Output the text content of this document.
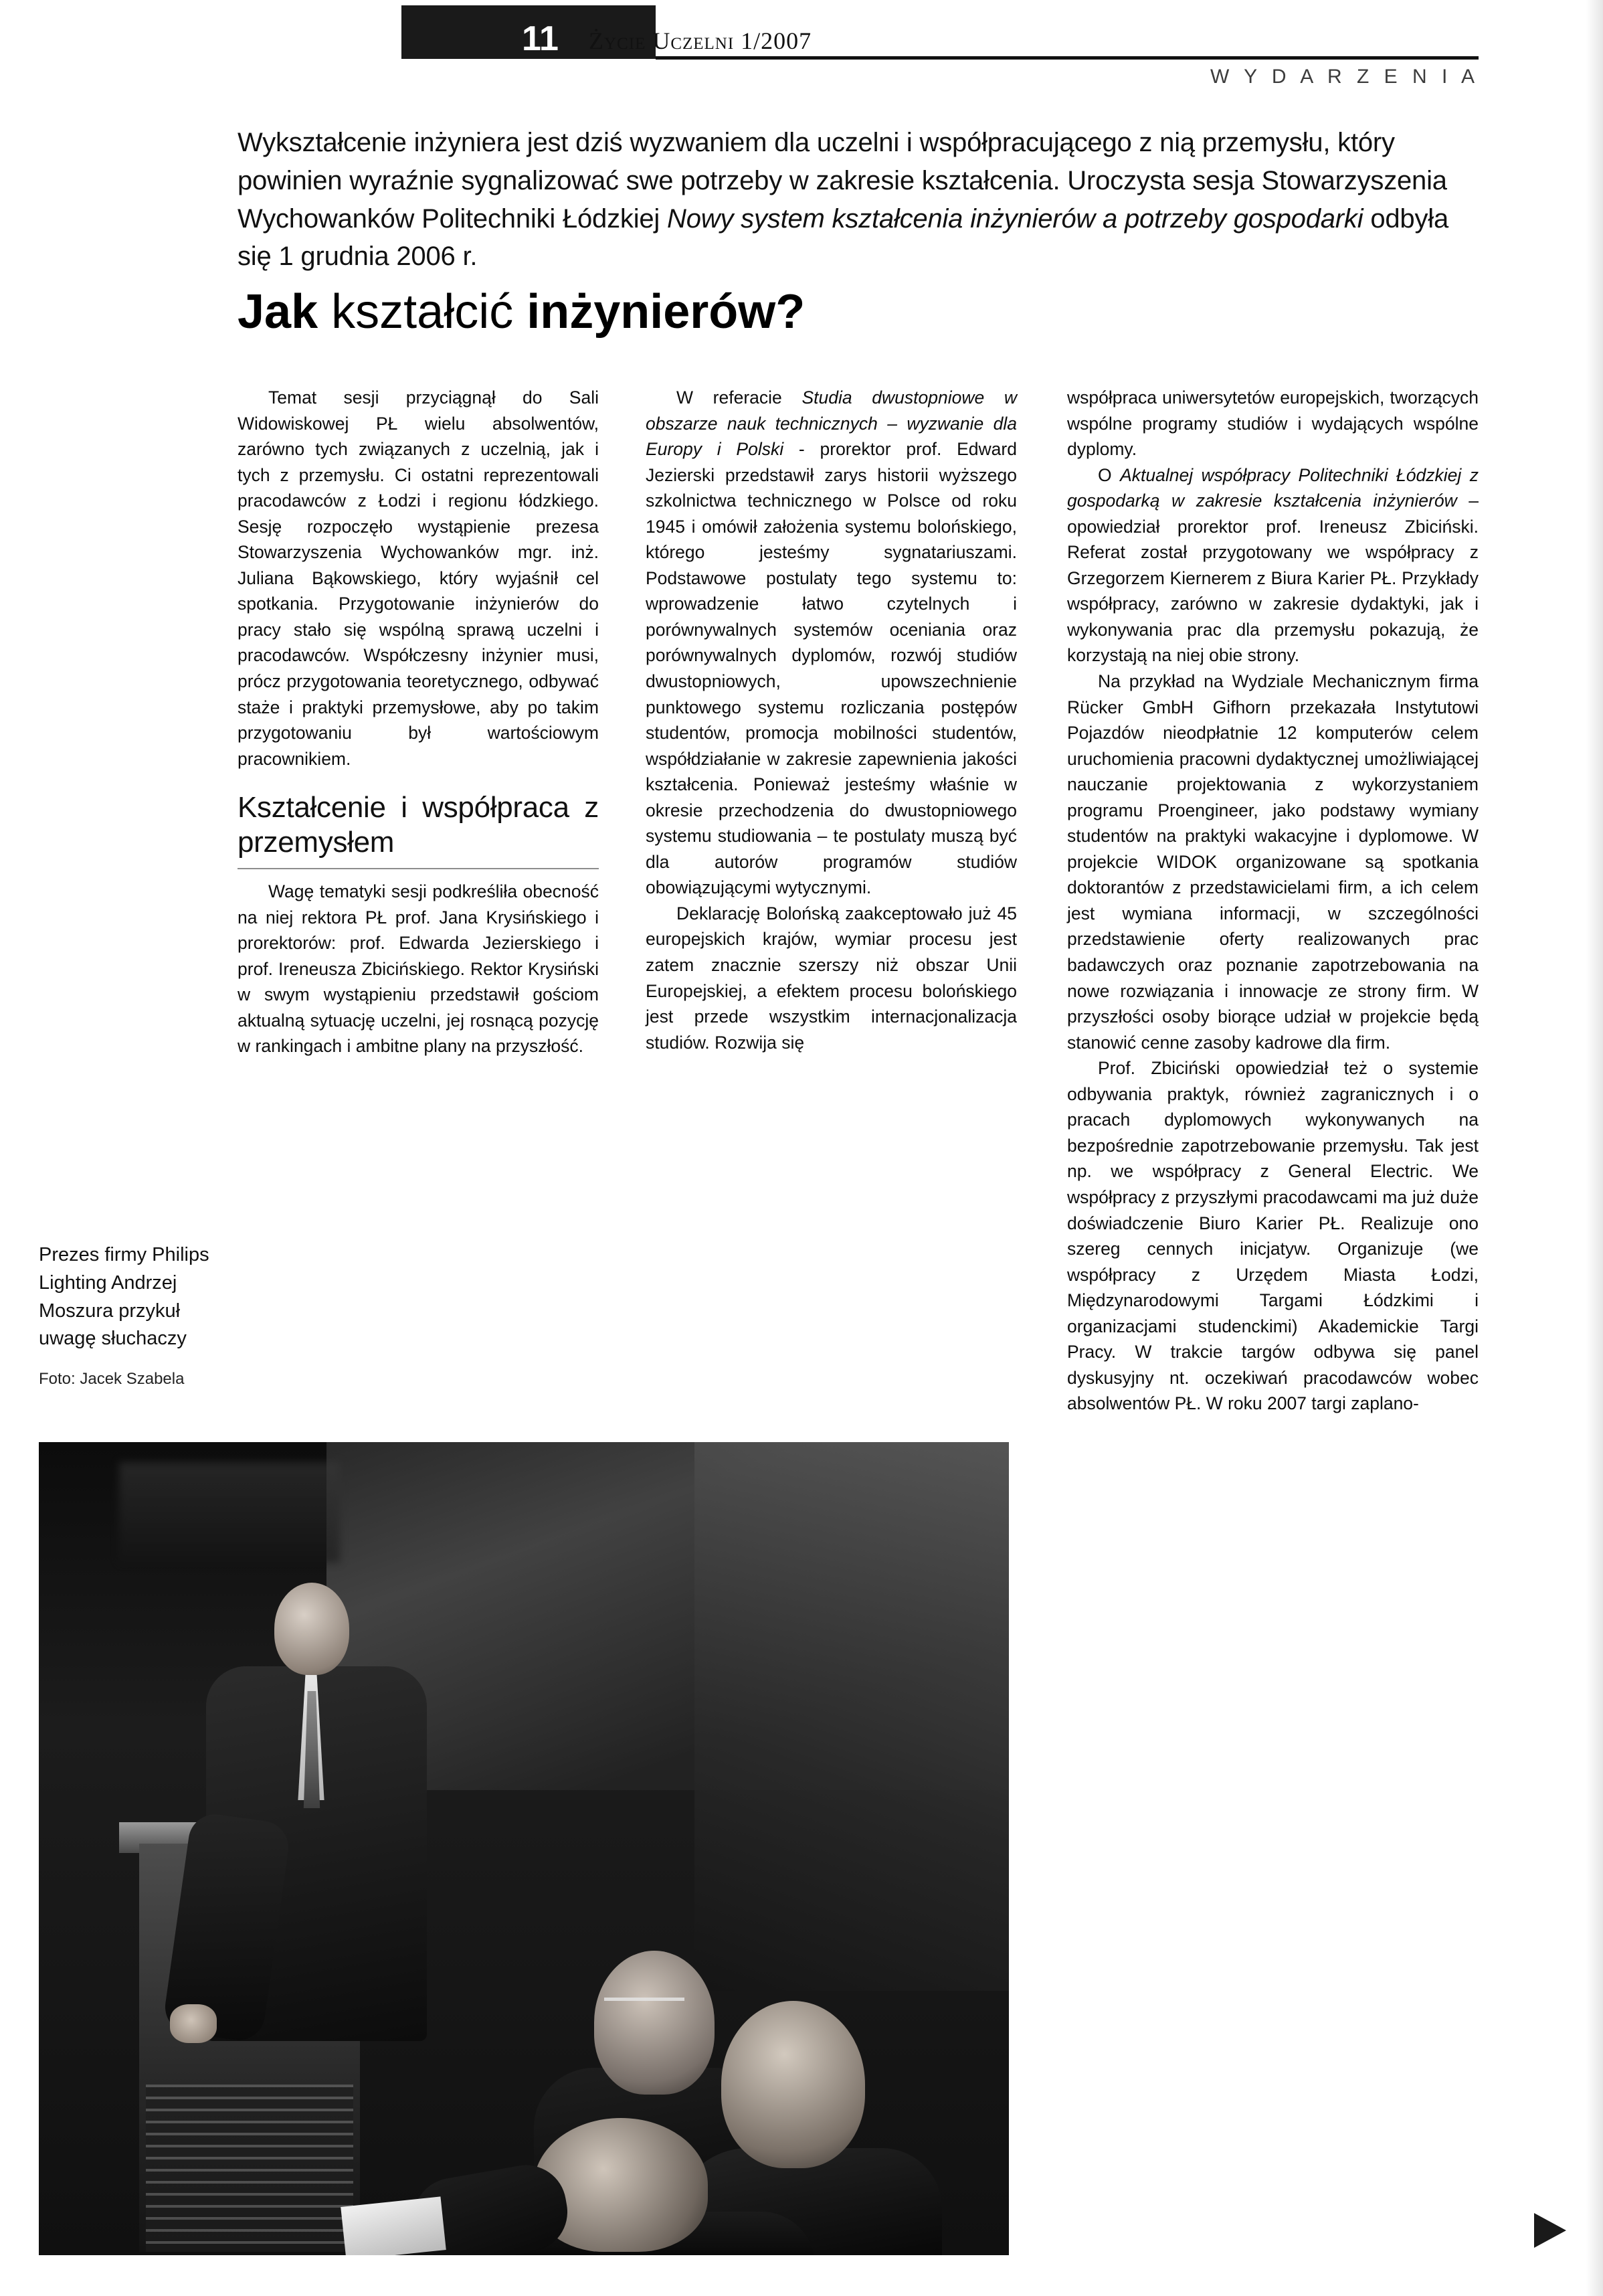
11 Życie Uczelni 1/2007
W Y D A R Z E N I A
Wykształcenie inżyniera jest dziś wyzwaniem dla uczelni i współpracującego z nią przemysłu, który powinien wyraźnie sygnalizować swe potrzeby w zakresie kształcenia. Uroczysta sesja Stowarzyszenia Wychowanków Politechniki Łódzkiej Nowy system kształcenia inżynierów a potrzeby gospodarki odbyła się 1 grudnia 2006 r.
Jak kształcić inżynierów?

Temat sesji przyciągnął do Sali Widowiskowej PŁ wielu absolwentów, zarówno tych związanych z uczelnią, jak i tych z przemysłu. Ci ostatni reprezentowali pracodawców z Łodzi i regionu łódzkiego. Sesję rozpoczęło wystąpienie prezesa Stowarzyszenia Wychowanków mgr. inż. Juliana Bąkowskiego, który wyjaśnił cel spotkania. Przygotowanie inżynierów do pracy stało się wspólną sprawą uczelni i pracodawców. Współczesny inżynier musi, prócz przygotowania teoretycznego, odbywać staże i praktyki przemysłowe, aby po takim przygotowaniu był wartościowym pracownikiem.

Kształcenie i współpraca z przemysłem

Wagę tematyki sesji podkreśliła obecność na niej rektora PŁ prof. Jana Krysińskiego i prorektorów: prof. Edwarda Jezierskiego i prof. Ireneusza Zbicińskiego. Rektor Krysiński w swym wystąpieniu przedstawił gościom aktualną sytuację uczelni, jej rosnącą pozycję w rankingach i ambitne plany na przyszłość.

W referacie Studia dwustopniowe w obszarze nauk technicznych – wyzwanie dla Europy i Polski - prorektor prof. Edward Jezierski przedstawił zarys historii wyższego szkolnictwa technicznego w Polsce od roku 1945 i omówił założenia systemu bolońskiego, którego jesteśmy sygnatariuszami. Podstawowe postulaty tego systemu to: wprowadzenie łatwo czytelnych i porównywalnych systemów oceniania oraz porównywalnych dyplomów, rozwój studiów dwustopniowych, upowszechnienie punktowego systemu rozliczania postępów studentów, promocja mobilności studentów, współdziałanie w zakresie zapewnienia jakości kształcenia. Ponieważ jesteśmy właśnie w okresie przechodzenia do dwustopniowego systemu studiowania – te postulaty muszą być dla autorów programów studiów obowiązującymi wytycznymi.

Deklarację Bolońską zaakceptowało już 45 europejskich krajów, wymiar procesu jest zatem znacznie szerszy niż obszar Unii Europejskiej, a efektem procesu bolońskiego jest przede wszystkim internacjonalizacja studiów. Rozwija się

współpraca uniwersytetów europejskich, tworzących wspólne programy studiów i wydających wspólne dyplomy.

O Aktualnej współpracy Politechniki Łódzkiej z gospodarką w zakresie kształcenia inżynierów – opowiedział prorektor prof. Ireneusz Zbiciński. Referat został przygotowany we współpracy z Grzegorzem Kiernerem z Biura Karier PŁ. Przykłady współpracy, zarówno w zakresie dydaktyki, jak i wykonywania prac dla przemysłu pokazują, że korzystają na niej obie strony.

Na przykład na Wydziale Mechanicznym firma Rücker GmbH Gifhorn przekazała Instytutowi Pojazdów nieodpłatnie 12 komputerów celem uruchomienia pracowni dydaktycznej umożliwiającej nauczanie projektowania z wykorzystaniem programu Proengineer, jako podstawy wymiany studentów na praktyki wakacyjne i dyplomowe. W projekcie WIDOK organizowane są spotkania doktorantów z przedstawicielami firm, a ich celem jest wymiana informacji, w szczególności przedstawienie oferty realizowanych prac badawczych oraz poznanie zapotrzebowania na nowe rozwiązania i innowacje ze strony firm. W przyszłości osoby biorące udział w projekcie będą stanowić cenne zasoby kadrowe dla firm.

Prof. Zbiciński opowiedział też o systemie odbywania praktyk, również zagranicznych i o pracach dyplomowych wykonywanych na bezpośrednie zapotrzebowanie przemysłu. Tak jest np. we współpracy z General Electric. We współpracy z przyszłymi pracodawcami ma już duże doświadczenie Biuro Karier PŁ. Realizuje ono szereg cennych inicjatyw. Organizuje (we współpracy z Urzędem Miasta Łodzi, Międzynarodowymi Targami Łódzkimi i organizacjami studenckimi) Akademickie Targi Pracy. W trakcie targów odbywa się panel dyskusyjny nt. oczekiwań pracodawców wobec absolwentów PŁ. W roku 2007 targi zaplano-

Prezes firmy Philips Lighting Andrzej Moszura przykuł uwagę słuchaczy
Foto: Jacek Szabela
